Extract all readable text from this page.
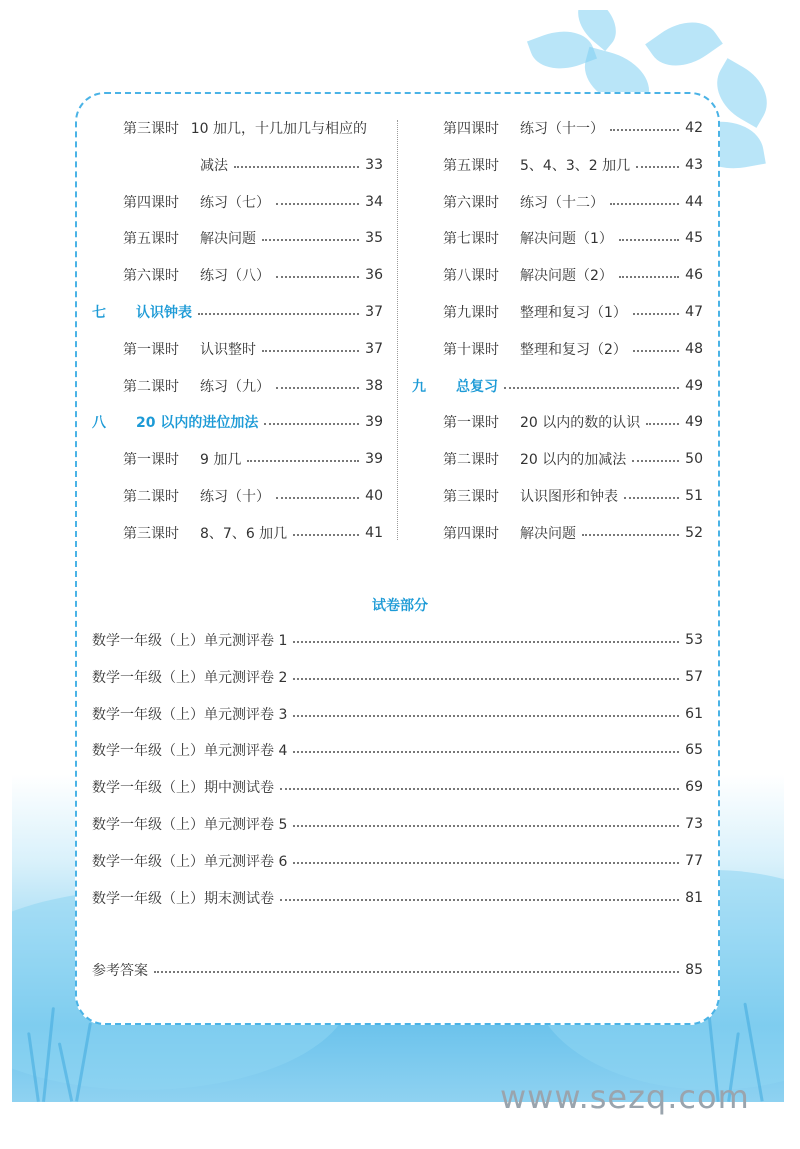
第三课时 10 加几，十几加几与相应的
减法	33
第四课时	练习（七）	34
第五课时	解决问题	35
第六课时	练习（八）	36
七	认识钟表	37
第一课时	认识整时	37
第二课时	练习（九）	38
八	20 以内的进位加法	39
第一课时	9 加几	39
第二课时	练习（十）	40
第三课时	8、7、6 加几	41
第四课时	练习（十一）	42
第五课时	5、4、3、2 加几	43
第六课时	练习（十二）	44
第七课时	解决问题（1）	45
第八课时	解决问题（2）	46
第九课时	整理和复习（1）	47
第十课时	整理和复习（2）	48
九	总复习	49
第一课时	20 以内的数的认识	49
第二课时	20 以内的加减法	50
第三课时	认识图形和钟表	51
第四课时	解决问题	52
数学一年级（上）单元测评卷 1	53
数学一年级（上）单元测评卷 2	57
数学一年级（上）单元测评卷 3	61
数学一年级（上）单元测评卷 4	65
数学一年级（上）期中测试卷	69
数学一年级（上）单元测评卷 5	73
数学一年级（上）单元测评卷 6	77
数学一年级（上）期末测试卷	81
参考答案	85
试卷部分
www.sezq.com
